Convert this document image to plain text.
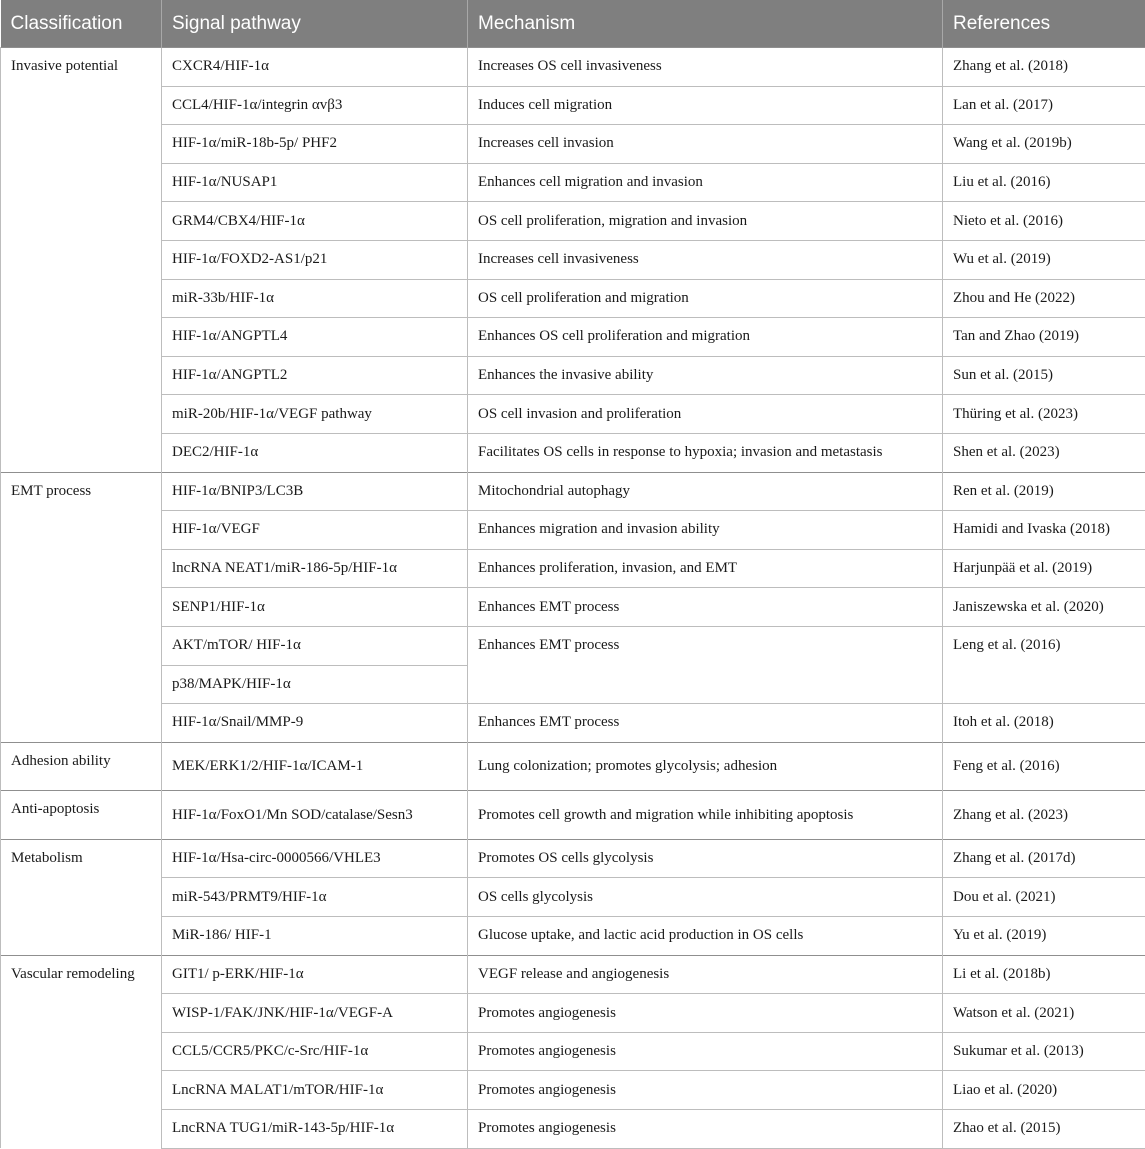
Classification	Signal pathway	Mechanism	References
Invasive potential	CXCR4/HIF-1α	Increases OS cell invasiveness	Zhang et al. (2018)
	CCL4/HIF-1α/integrin αvβ3	Induces cell migration	Lan et al. (2017)
	HIF-1α/miR-18b-5p/ PHF2	Increases cell invasion	Wang et al. (2019b)
	HIF-1α/NUSAP1	Enhances cell migration and invasion	Liu et al. (2016)
	GRM4/CBX4/HIF-1α	OS cell proliferation, migration and invasion	Nieto et al. (2016)
	HIF-1α/FOXD2-AS1/p21	Increases cell invasiveness	Wu et al. (2019)
	miR-33b/HIF-1α	OS cell proliferation and migration	Zhou and He (2022)
	HIF-1α/ANGPTL4	Enhances OS cell proliferation and migration	Tan and Zhao (2019)
	HIF-1α/ANGPTL2	Enhances the invasive ability	Sun et al. (2015)
	miR-20b/HIF-1α/VEGF pathway	OS cell invasion and proliferation	Thüring et al. (2023)
	DEC2/HIF-1α	Facilitates OS cells in response to hypoxia; invasion and metastasis	Shen et al. (2023)
EMT process	HIF-1α/BNIP3/LC3B	Mitochondrial autophagy	Ren et al. (2019)
	HIF-1α/VEGF	Enhances migration and invasion ability	Hamidi and Ivaska (2018)
	lncRNA NEAT1/miR-186-5p/HIF-1α	Enhances proliferation, invasion, and EMT	Harjunpää et al. (2019)
	SENP1/HIF-1α	Enhances EMT process	Janiszewska et al. (2020)
	AKT/mTOR/ HIF-1α	Enhances EMT process	Leng et al. (2016)
	p38/MAPK/HIF-1α		
	HIF-1α/Snail/MMP-9	Enhances EMT process	Itoh et al. (2018)
Adhesion ability	MEK/ERK1/2/HIF-1α/ICAM-1	Lung colonization; promotes glycolysis; adhesion	Feng et al. (2016)
Anti-apoptosis	HIF-1α/FoxO1/Mn SOD/catalase/Sesn3	Promotes cell growth and migration while inhibiting apoptosis	Zhang et al. (2023)
Metabolism	HIF-1α/Hsa-circ-0000566/VHLE3	Promotes OS cells glycolysis	Zhang et al. (2017d)
	miR-543/PRMT9/HIF-1α	OS cells glycolysis	Dou et al. (2021)
	MiR-186/ HIF-1	Glucose uptake, and lactic acid production in OS cells	Yu et al. (2019)
Vascular remodeling	GIT1/ p-ERK/HIF-1α	VEGF release and angiogenesis	Li et al. (2018b)
	WISP-1/FAK/JNK/HIF-1α/VEGF-A	Promotes angiogenesis	Watson et al. (2021)
	CCL5/CCR5/PKC/c-Src/HIF-1α	Promotes angiogenesis	Sukumar et al. (2013)
	LncRNA MALAT1/mTOR/HIF-1α	Promotes angiogenesis	Liao et al. (2020)
	LncRNA TUG1/miR-143-5p/HIF-1α	Promotes angiogenesis	Zhao et al. (2015)
